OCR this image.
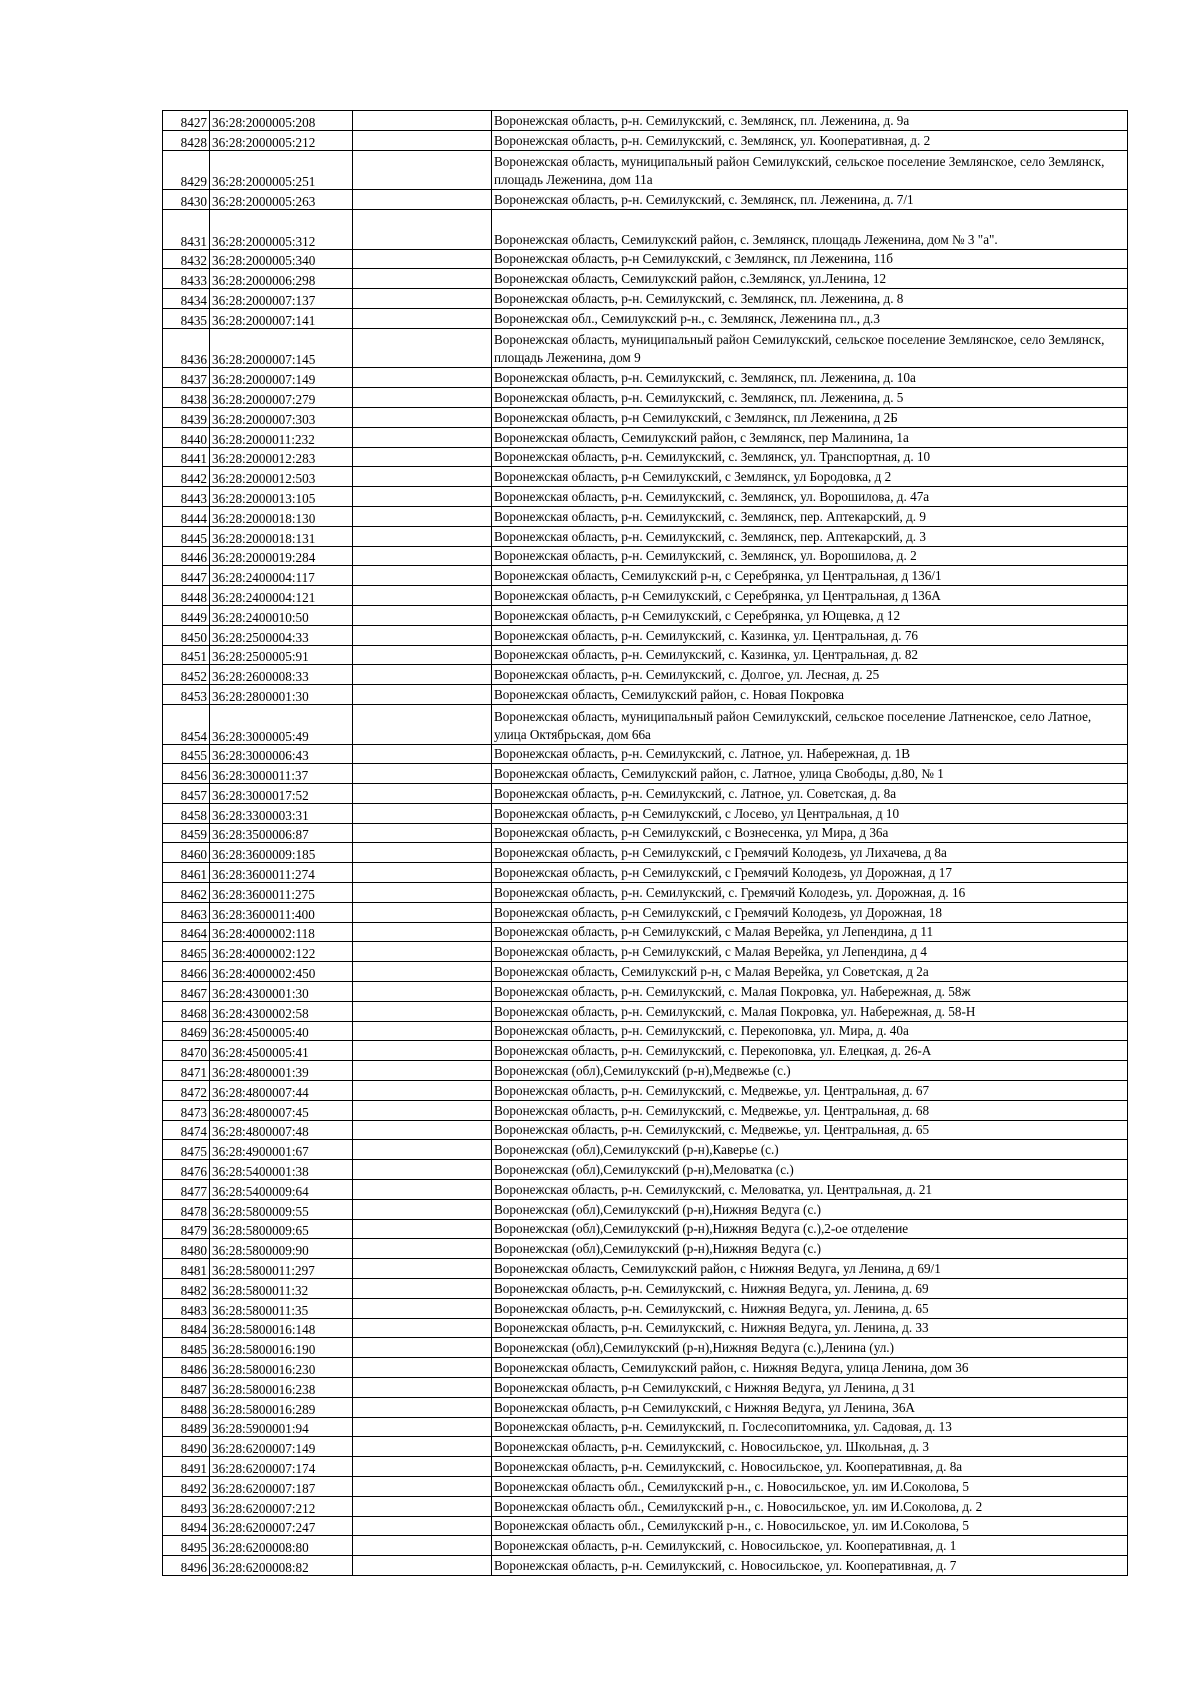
8427	36:28:2000005:208		Воронежская область, р-н. Семилукский, с. Землянск, пл. Леженина, д. 9а
8428	36:28:2000005:212		Воронежская область, р-н. Семилукский, с. Землянск, ул. Кооперативная, д. 2
8429	36:28:2000005:251		Воронежская область, муниципальный район Семилукский, сельское поселение Землянское, село Землянск, площадь Леженина, дом 11а
8430	36:28:2000005:263		Воронежская область, р-н. Семилукский, с. Землянск, пл. Леженина, д. 7/1
8431	36:28:2000005:312		Воронежская область, Семилукский район, с. Землянск, площадь Леженина, дом № 3 "а".
8432	36:28:2000005:340		Воронежская область, р-н Семилукский, с Землянск, пл Леженина, 11б
8433	36:28:2000006:298		Воронежская область, Семилукский район, с.Землянск, ул.Ленина, 12
8434	36:28:2000007:137		Воронежская область, р-н. Семилукский, с. Землянск, пл. Леженина, д. 8
8435	36:28:2000007:141		Воронежская обл., Семилукский р-н., с. Землянск, Леженина пл., д.3
8436	36:28:2000007:145		Воронежская область, муниципальный район Семилукский, сельское поселение Землянское, село Землянск, площадь Леженина, дом 9
8437	36:28:2000007:149		Воронежская область, р-н. Семилукский, с. Землянск, пл. Леженина, д. 10а
8438	36:28:2000007:279		Воронежская область, р-н. Семилукский, с. Землянск, пл. Леженина, д. 5
8439	36:28:2000007:303		Воронежская область, р-н Семилукский, с Землянск, пл Леженина, д 2Б
8440	36:28:2000011:232		Воронежская область, Семилукский район, с Землянск, пер Малинина, 1а
8441	36:28:2000012:283		Воронежская область, р-н. Семилукский, с. Землянск, ул. Транспортная, д. 10
8442	36:28:2000012:503		Воронежская область, р-н Семилукский, с Землянск, ул Бородовка, д 2
8443	36:28:2000013:105		Воронежская область, р-н. Семилукский, с. Землянск, ул. Ворошилова, д. 47а
8444	36:28:2000018:130		Воронежская область, р-н. Семилукский, с. Землянск, пер. Аптекарский, д. 9
8445	36:28:2000018:131		Воронежская область, р-н. Семилукский, с. Землянск, пер. Аптекарский, д. 3
8446	36:28:2000019:284		Воронежская область, р-н. Семилукский, с. Землянск, ул. Ворошилова, д. 2
8447	36:28:2400004:117		Воронежская область, Семилукский р-н, с Серебрянка, ул Центральная, д 136/1
8448	36:28:2400004:121		Воронежская область, р-н Семилукский, с Серебрянка, ул Центральная, д 136А
8449	36:28:2400010:50		Воронежская область, р-н Семилукский, с Серебрянка, ул Ющевка, д 12
8450	36:28:2500004:33		Воронежская область, р-н. Семилукский, с. Казинка, ул. Центральная, д. 76
8451	36:28:2500005:91		Воронежская область, р-н. Семилукский, с. Казинка, ул. Центральная, д. 82
8452	36:28:2600008:33		Воронежская область, р-н. Семилукский, с. Долгое, ул. Лесная, д. 25
8453	36:28:2800001:30		Воронежская область, Семилукский район, с. Новая Покровка
8454	36:28:3000005:49		Воронежская область, муниципальный район Семилукский, сельское поселение Латненское, село Латное, улица Октябрьская, дом 66а
8455	36:28:3000006:43		Воронежская область, р-н. Семилукский, с. Латное, ул. Набережная, д. 1В
8456	36:28:3000011:37		Воронежская область, Семилукский район, с. Латное, улица Свободы, д.80, № 1
8457	36:28:3000017:52		Воронежская область, р-н. Семилукский, с. Латное, ул. Советская, д. 8а
8458	36:28:3300003:31		Воронежская область, р-н Семилукский, с Лосево, ул Центральная, д 10
8459	36:28:3500006:87		Воронежская область, р-н Семилукский, с Вознесенка, ул Мира, д 36а
8460	36:28:3600009:185		Воронежская область, р-н Семилукский, с Гремячий Колодезь, ул Лихачева, д 8а
8461	36:28:3600011:274		Воронежская область, р-н Семилукский, с Гремячий Колодезь, ул Дорожная, д 17
8462	36:28:3600011:275		Воронежская область, р-н. Семилукский, с. Гремячий Колодезь, ул. Дорожная, д. 16
8463	36:28:3600011:400		Воронежская область, р-н Семилукский, с Гремячий Колодезь, ул Дорожная, 18
8464	36:28:4000002:118		Воронежская область, р-н Семилукский, с Малая Верейка, ул Лепендина, д 11
8465	36:28:4000002:122		Воронежская область, р-н Семилукский, с Малая Верейка, ул Лепендина, д 4
8466	36:28:4000002:450		Воронежская область, Семилукский р-н, с Малая Верейка, ул Советская, д 2а
8467	36:28:4300001:30		Воронежская область, р-н. Семилукский, с. Малая Покровка, ул. Набережная, д. 58ж
8468	36:28:4300002:58		Воронежская область, р-н. Семилукский, с. Малая Покровка, ул. Набережная, д. 58-Н
8469	36:28:4500005:40		Воронежская область, р-н. Семилукский, с. Перекоповка, ул. Мира, д. 40а
8470	36:28:4500005:41		Воронежская область, р-н. Семилукский, с. Перекоповка, ул. Елецкая, д. 26-А
8471	36:28:4800001:39		Воронежская (обл),Семилукский (р-н),Медвежье (с.)
8472	36:28:4800007:44		Воронежская область, р-н. Семилукский, с. Медвежье, ул. Центральная, д. 67
8473	36:28:4800007:45		Воронежская область, р-н. Семилукский, с. Медвежье, ул. Центральная, д. 68
8474	36:28:4800007:48		Воронежская область, р-н. Семилукский, с. Медвежье, ул. Центральная, д. 65
8475	36:28:4900001:67		Воронежская (обл),Семилукский (р-н),Каверье (с.)
8476	36:28:5400001:38		Воронежская (обл),Семилукский (р-н),Меловатка (с.)
8477	36:28:5400009:64		Воронежская область, р-н. Семилукский, с. Меловатка, ул. Центральная, д. 21
8478	36:28:5800009:55		Воронежская (обл),Семилукский (р-н),Нижняя Ведуга (с.)
8479	36:28:5800009:65		Воронежская (обл),Семилукский (р-н),Нижняя Ведуга (с.),2-ое отделение
8480	36:28:5800009:90		Воронежская (обл),Семилукский (р-н),Нижняя Ведуга (с.)
8481	36:28:5800011:297		Воронежская область, Семилукский район, с Нижняя Ведуга, ул Ленина, д 69/1
8482	36:28:5800011:32		Воронежская область, р-н. Семилукский, с. Нижняя Ведуга, ул. Ленина, д. 69
8483	36:28:5800011:35		Воронежская область, р-н. Семилукский, с. Нижняя Ведуга, ул. Ленина, д. 65
8484	36:28:5800016:148		Воронежская область, р-н. Семилукский, с. Нижняя Ведуга, ул. Ленина, д. 33
8485	36:28:5800016:190		Воронежская (обл),Семилукский (р-н),Нижняя Ведуга (с.),Ленина (ул.)
8486	36:28:5800016:230		Воронежская область, Семилукский район, с. Нижняя Ведуга, улица Ленина, дом 36
8487	36:28:5800016:238		Воронежская область, р-н Семилукский, с Нижняя Ведуга, ул Ленина, д 31
8488	36:28:5800016:289		Воронежская область, р-н Семилукский, с Нижняя Ведуга, ул Ленина, 36А
8489	36:28:5900001:94		Воронежская область, р-н. Семилукский, п. Гослесопитомника, ул. Садовая, д. 13
8490	36:28:6200007:149		Воронежская область, р-н. Семилукский, с. Новосильское, ул. Школьная, д. 3
8491	36:28:6200007:174		Воронежская область, р-н. Семилукский, с. Новосильское, ул. Кооперативная, д. 8а
8492	36:28:6200007:187		Воронежская область обл., Семилукский р-н., с. Новосильское, ул. им И.Соколова, 5
8493	36:28:6200007:212		Воронежская область обл., Семилукский р-н., с. Новосильское, ул. им И.Соколова, д. 2
8494	36:28:6200007:247		Воронежская область обл., Семилукский р-н., с. Новосильское, ул. им И.Соколова, 5
8495	36:28:6200008:80		Воронежская область, р-н. Семилукский, с. Новосильское, ул. Кооперативная, д. 1
8496	36:28:6200008:82		Воронежская область, р-н. Семилукский, с. Новосильское, ул. Кооперативная, д. 7
